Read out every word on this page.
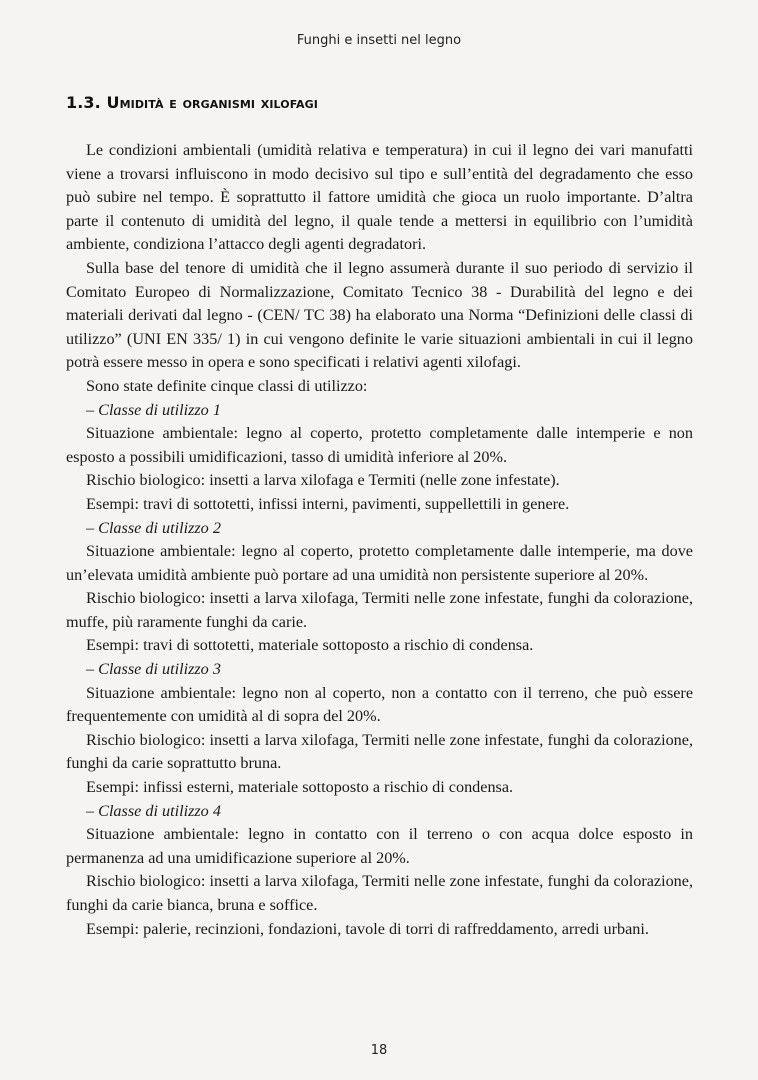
Funghi e insetti nel legno
1.3. Umidità e organismi xilofagi

Le condizioni ambientali (umidità relativa e temperatura) in cui il legno dei vari manufatti viene a trovarsi influiscono in modo decisivo sul tipo e sull’entità del degradamento che esso può subire nel tempo. È soprattutto il fattore umidità che gioca un ruolo importante. D’altra parte il contenuto di umidità del legno, il quale tende a mettersi in equilibrio con l’umidità ambiente, condiziona l’attacco degli agenti degradatori.

Sulla base del tenore di umidità che il legno assumerà durante il suo periodo di servizio il Comitato Europeo di Normalizzazione, Comitato Tecnico 38 - Durabilità del legno e dei materiali derivati dal legno - (CEN/ TC 38) ha elaborato una Norma “Definizioni delle classi di utilizzo” (UNI EN 335/ 1) in cui vengono definite le varie situazioni ambientali in cui il legno potrà essere messo in opera e sono specificati i relativi agenti xilofagi.

Sono state definite cinque classi di utilizzo:

– Classe di utilizzo 1

Situazione ambientale: legno al coperto, protetto completamente dalle intemperie e non esposto a possibili umidificazioni, tasso di umidità inferiore al 20%.

Rischio biologico: insetti a larva xilofaga e Termiti (nelle zone infestate).

Esempi: travi di sottotetti, infissi interni, pavimenti, suppellettili in genere.

– Classe di utilizzo 2

Situazione ambientale: legno al coperto, protetto completamente dalle intemperie, ma dove un’elevata umidità ambiente può portare ad una umidità non persistente superiore al 20%.

Rischio biologico: insetti a larva xilofaga, Termiti nelle zone infestate, funghi da colorazione, muffe, più raramente funghi da carie.

Esempi: travi di sottotetti, materiale sottoposto a rischio di condensa.

– Classe di utilizzo 3

Situazione ambientale: legno non al coperto, non a contatto con il terreno, che può essere frequentemente con umidità al di sopra del 20%.

Rischio biologico: insetti a larva xilofaga, Termiti nelle zone infestate, funghi da colorazione, funghi da carie soprattutto bruna.

Esempi: infissi esterni, materiale sottoposto a rischio di condensa.

– Classe di utilizzo 4

Situazione ambientale: legno in contatto con il terreno o con acqua dolce esposto in permanenza ad una umidificazione superiore al 20%.

Rischio biologico: insetti a larva xilofaga, Termiti nelle zone infestate, funghi da colorazione, funghi da carie bianca, bruna e soffice.

Esempi: palerie, recinzioni, fondazioni, tavole di torri di raffreddamento, arredi urbani.

18
